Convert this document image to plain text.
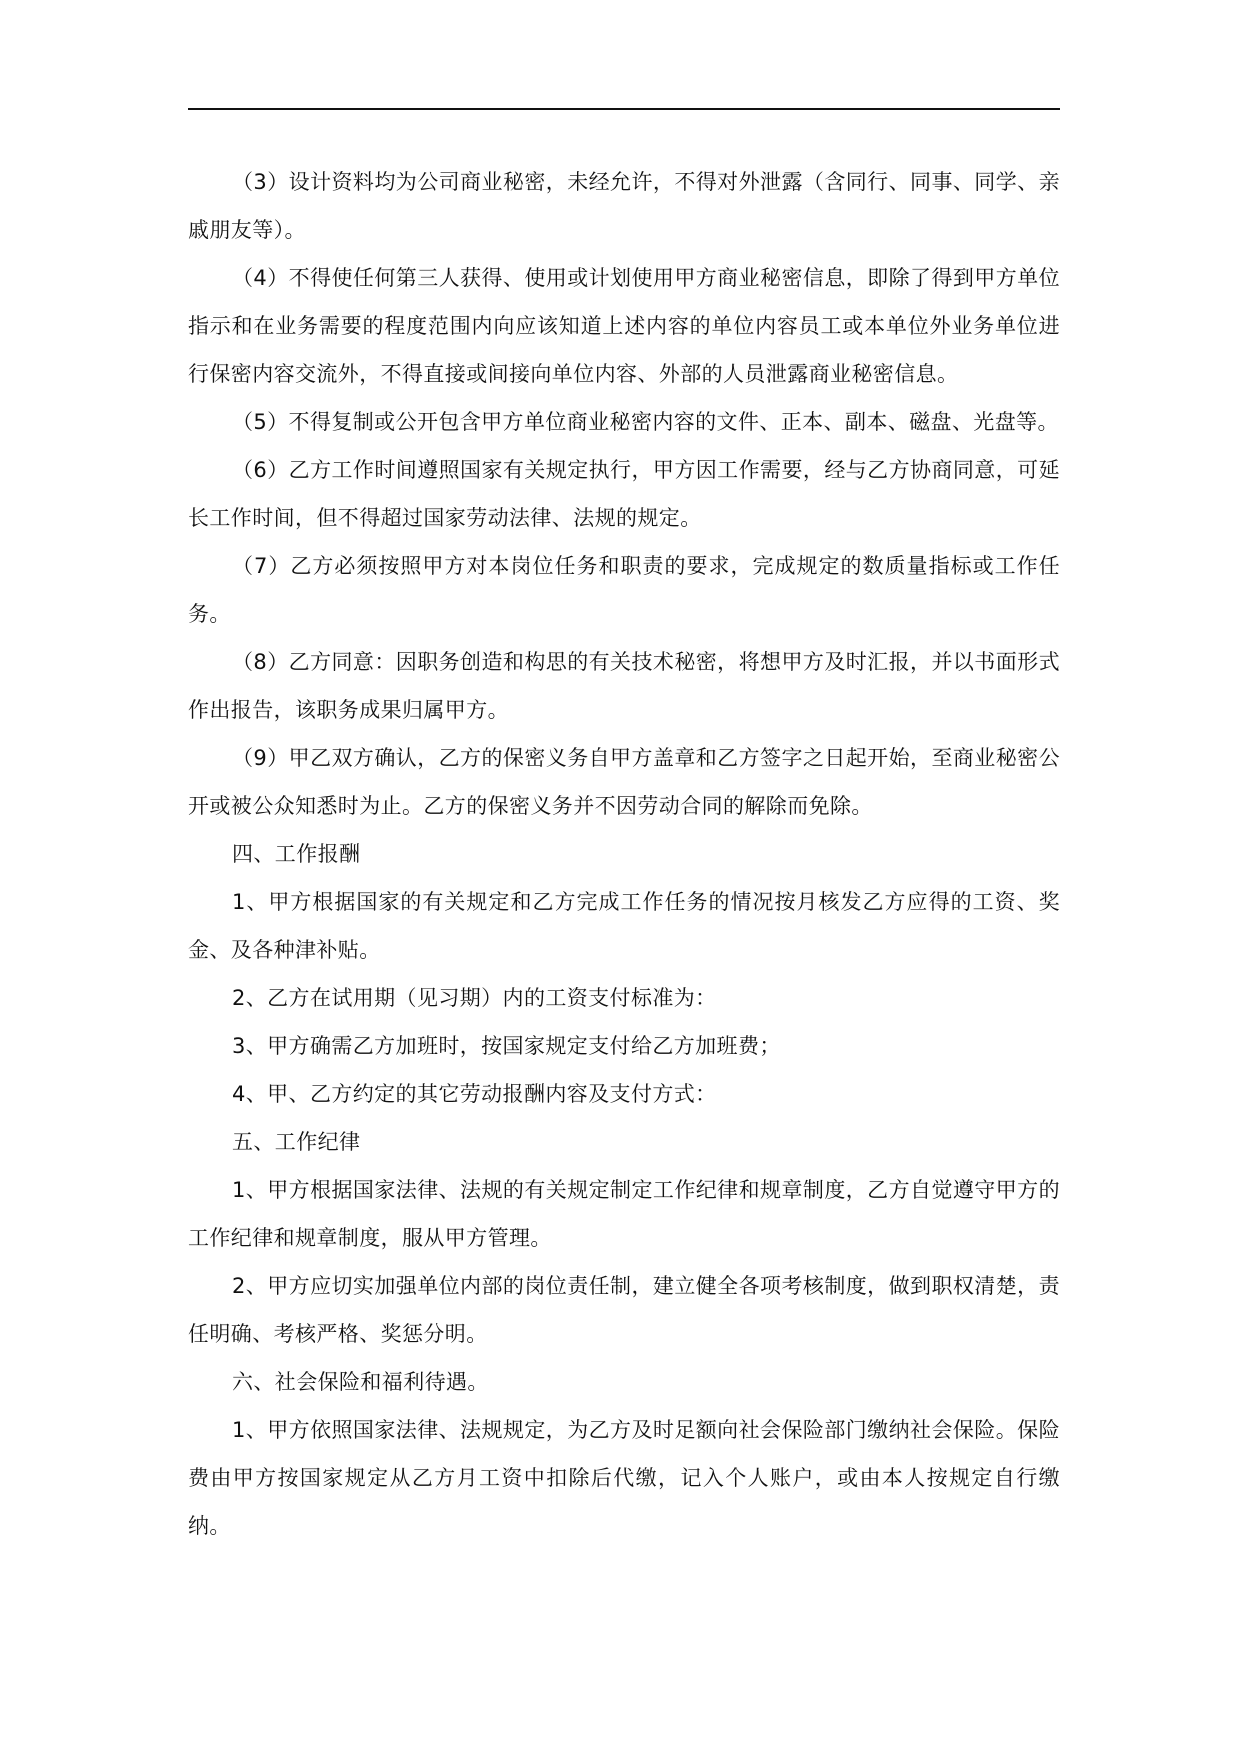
（3）设计资料均为公司商业秘密，未经允许，不得对外泄露（含同行、同事、同学、亲戚朋友等）。

（4）不得使任何第三人获得、使用或计划使用甲方商业秘密信息，即除了得到甲方单位指示和在业务需要的程度范围内向应该知道上述内容的单位内容员工或本单位外业务单位进行保密内容交流外，不得直接或间接向单位内容、外部的人员泄露商业秘密信息。

（5）不得复制或公开包含甲方单位商业秘密内容的文件、正本、副本、磁盘、光盘等。

（6）乙方工作时间遵照国家有关规定执行，甲方因工作需要，经与乙方协商同意，可延长工作时间，但不得超过国家劳动法律、法规的规定。

（7）乙方必须按照甲方对本岗位任务和职责的要求，完成规定的数质量指标或工作任务。

（8）乙方同意：因职务创造和构思的有关技术秘密，将想甲方及时汇报，并以书面形式作出报告，该职务成果归属甲方。

（9）甲乙双方确认，乙方的保密义务自甲方盖章和乙方签字之日起开始，至商业秘密公开或被公众知悉时为止。乙方的保密义务并不因劳动合同的解除而免除。

四、工作报酬

1、甲方根据国家的有关规定和乙方完成工作任务的情况按月核发乙方应得的工资、奖金、及各种津补贴。

2、乙方在试用期（见习期）内的工资支付标准为：

3、甲方确需乙方加班时，按国家规定支付给乙方加班费；

4、甲、乙方约定的其它劳动报酬内容及支付方式：

五、工作纪律

1、甲方根据国家法律、法规的有关规定制定工作纪律和规章制度，乙方自觉遵守甲方的工作纪律和规章制度，服从甲方管理。

2、甲方应切实加强单位内部的岗位责任制，建立健全各项考核制度，做到职权清楚，责任明确、考核严格、奖惩分明。

六、社会保险和福利待遇。

1、甲方依照国家法律、法规规定，为乙方及时足额向社会保险部门缴纳社会保险。保险费由甲方按国家规定从乙方月工资中扣除后代缴，记入个人账户，或由本人按规定自行缴纳。
